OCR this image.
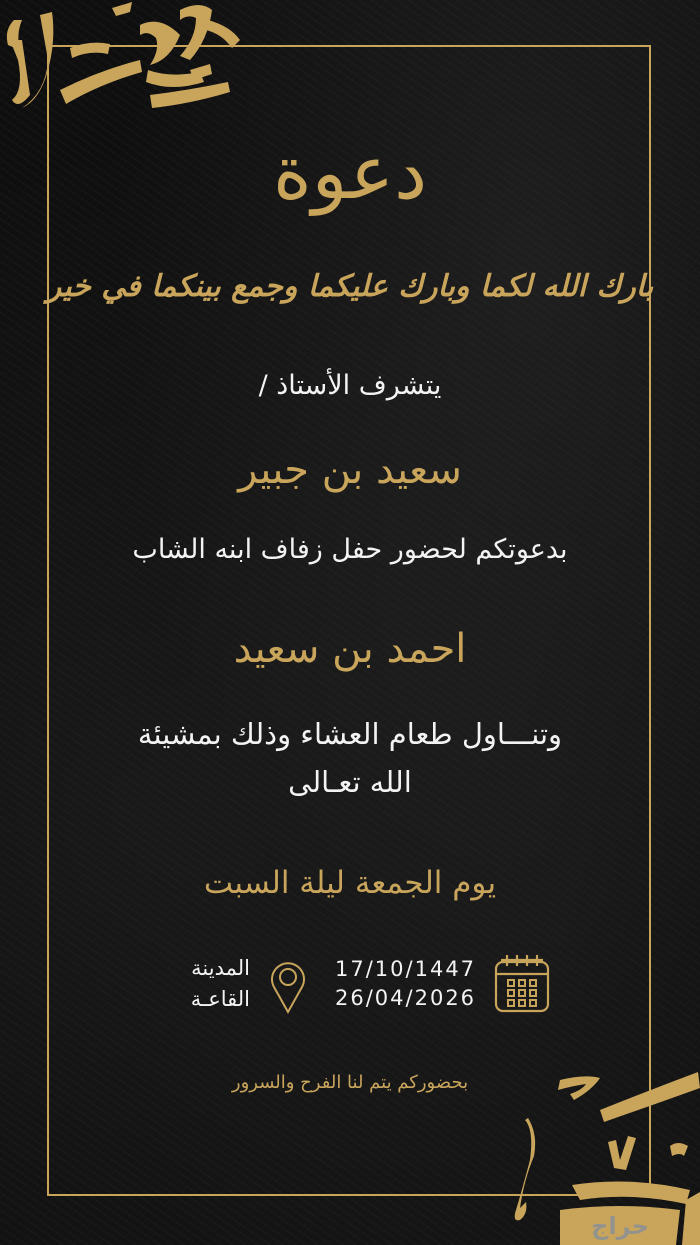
دعوة
بارك الله لكما وبارك عليكما وجمع بينكما في خير
يتشرف الأستاذ /
سعيد بن جبير
بدعوتكم لحضور حفل زفاف ابنه الشاب
احمد بن سعيد
وتنـــاول طعام العشاء وذلك بمشيئة
الله تعـالى
يوم الجمعة ليلة السبت
17/10/1447
26/04/2026
المدينة
القاعـة
بحضوركم يتم لنا الفرح والسرور
حراج
